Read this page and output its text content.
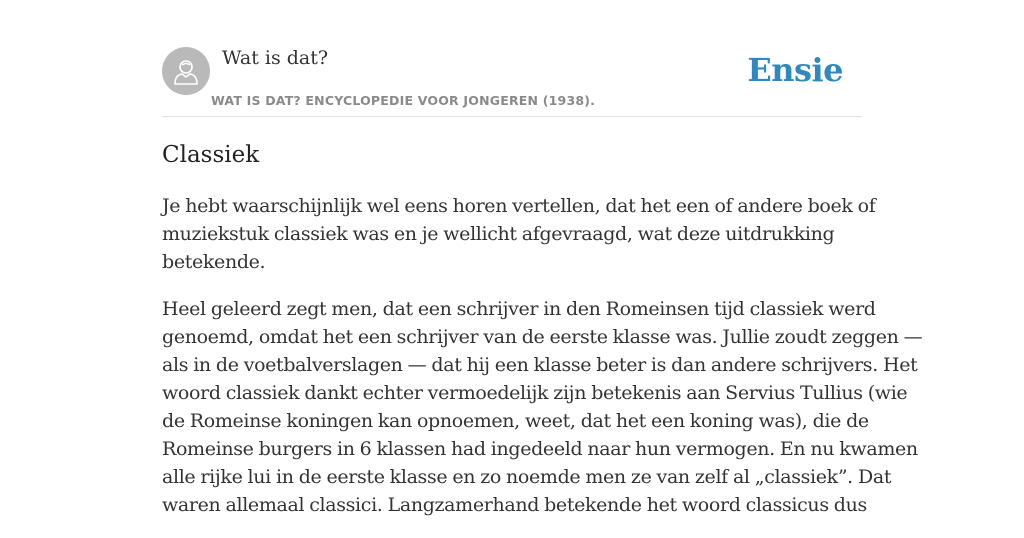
Wat is dat?
WAT IS DAT? ENCYCLOPEDIE VOOR JONGEREN (1938).
Ensie
Classiek

Je hebt waarschijnlijk wel eens horen vertellen, dat het een of andere boek of
muziekstuk classiek was en je wellicht afgevraagd, wat deze uitdrukking
betekende.

Heel geleerd zegt men, dat een schrijver in den Romeinsen tijd classiek werd
genoemd, omdat het een schrijver van de eerste klasse was. Jullie zoudt zeggen —
als in de voetbalverslagen — dat hij een klasse beter is dan andere schrijvers. Het
woord classiek dankt echter vermoedelijk zijn betekenis aan Servius Tullius (wie
de Romeinse koningen kan opnoemen, weet, dat het een koning was), die de
Romeinse burgers in 6 klassen had ingedeeld naar hun vermogen. En nu kwamen
alle rijke lui in de eerste klasse en zo noemde men ze van zelf al „classiek”. Dat
waren allemaal classici. Langzamerhand betekende het woord classicus dus
